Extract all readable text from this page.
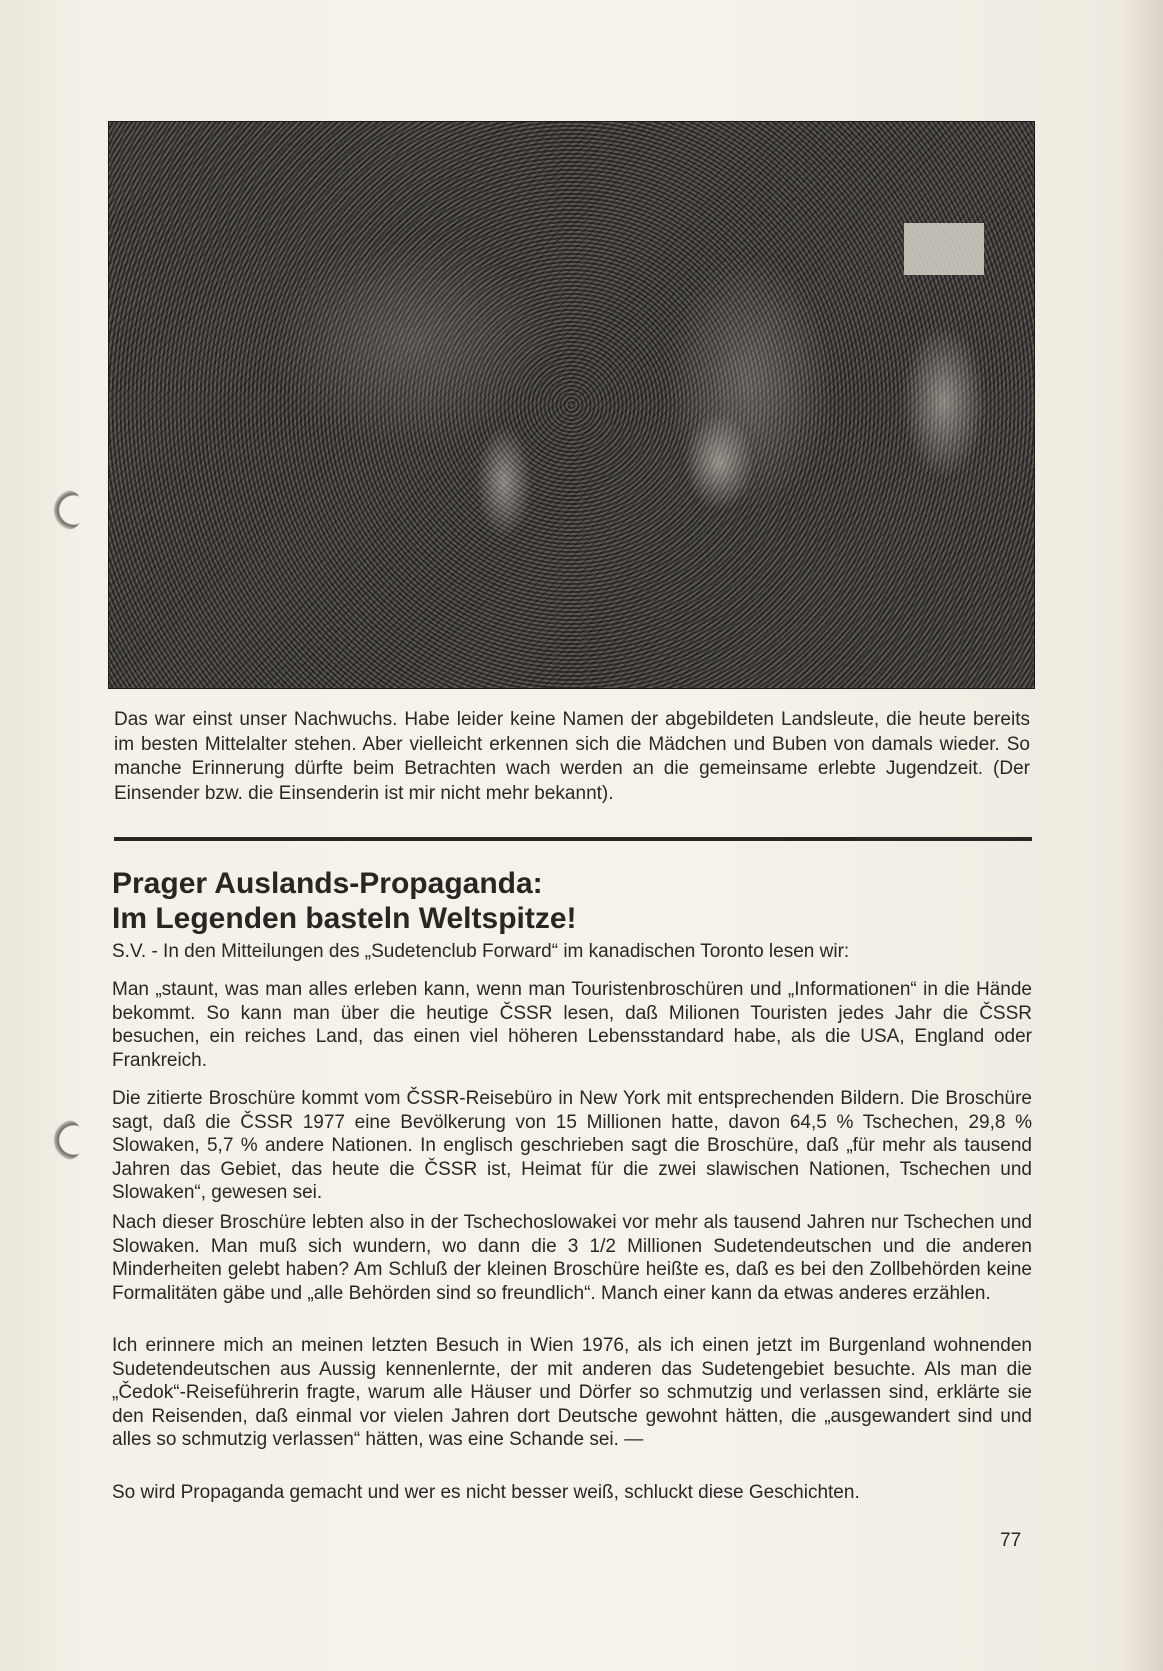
Das war einst unser Nachwuchs. Habe leider keine Namen der abgebildeten Landsleute, die heute bereits im besten Mittelalter stehen. Aber vielleicht erkennen sich die Mädchen und Buben von damals wieder. So manche Erinnerung dürfte beim Betrachten wach werden an die gemeinsame erlebte Jugendzeit. (Der Einsender bzw. die Einsenderin ist mir nicht mehr bekannt).

Prager Auslands-Propaganda:
Im Legenden basteln Weltspitze!

S.V. - In den Mitteilungen des „Sudetenclub Forward“ im kanadischen Toronto lesen wir:

Man „staunt, was man alles erleben kann, wenn man Touristenbroschüren und „Informationen“ in die Hände bekommt. So kann man über die heutige ČSSR lesen, daß Milionen Touristen jedes Jahr die ČSSR besuchen, ein reiches Land, das einen viel höheren Lebensstandard habe, als die USA, England oder Frankreich.

Die zitierte Broschüre kommt vom ČSSR-Reisebüro in New York mit entsprechenden Bildern. Die Broschüre sagt, daß die ČSSR 1977 eine Bevölkerung von 15 Millionen hatte, davon 64,5 % Tschechen, 29,8 % Slowaken, 5,7 % andere Nationen. In englisch geschrieben sagt die Broschüre, daß „für mehr als tausend Jahren das Gebiet, das heute die ČSSR ist, Heimat für die zwei slawischen Nationen, Tschechen und Slowaken“, gewesen sei.

Nach dieser Broschüre lebten also in der Tschechoslowakei vor mehr als tausend Jahren nur Tschechen und Slowaken. Man muß sich wundern, wo dann die 3 1/2 Millionen Sudetendeutschen und die anderen Minderheiten gelebt haben? Am Schluß der kleinen Broschüre heißte es, daß es bei den Zollbehörden keine Formalitäten gäbe und „alle Behörden sind so freundlich“. Manch einer kann da etwas anderes erzählen.

Ich erinnere mich an meinen letzten Besuch in Wien 1976, als ich einen jetzt im Burgenland wohnenden Sudetendeutschen aus Aussig kennenlernte, der mit anderen das Sudetengebiet besuchte. Als man die „Čedok“-Reiseführerin fragte, warum alle Häuser und Dörfer so schmutzig und verlassen sind, erklärte sie den Reisenden, daß einmal vor vielen Jahren dort Deutsche gewohnt hätten, die „ausgewandert sind und alles so schmutzig verlassen“ hätten, was eine Schande sei. —

So wird Propaganda gemacht und wer es nicht besser weiß, schluckt diese Geschichten.

77
